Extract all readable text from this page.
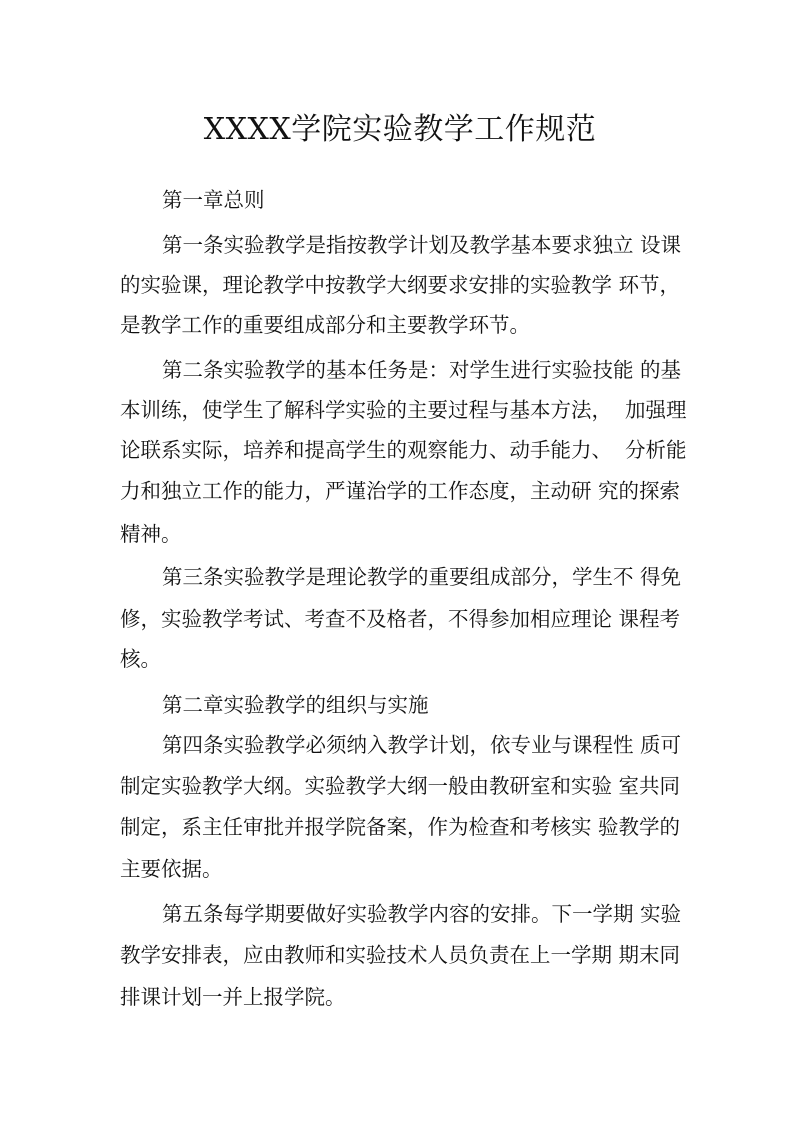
XXXX学院实验教学工作规范
第一章总则
第一条实验教学是指按教学计划及教学基本要求独立 设课
的实验课，理论教学中按教学大纲要求安排的实验教学 环节，
是教学工作的重要组成部分和主要教学环节。
第二条实验教学的基本任务是：对学生进行实验技能 的基
本训练，使学生了解科学实验的主要过程与基本方法，  加强理
论联系实际，培养和提高学生的观察能力、动手能力、  分析能
力和独立工作的能力，严谨治学的工作态度，主动研 究的探索
精神。
第三条实验教学是理论教学的重要组成部分，学生不 得免
修，实验教学考试、考查不及格者，不得参加相应理论 课程考
核。
第二章实验教学的组织与实施
第四条实验教学必须纳入教学计划，依专业与课程性 质可
制定实验教学大纲。实验教学大纲一般由教研室和实验 室共同
制定，系主任审批并报学院备案，作为检查和考核实 验教学的
主要依据。
第五条每学期要做好实验教学内容的安排。下一学期 实验
教学安排表，应由教师和实验技术人员负责在上一学期 期末同
排课计划一并上报学院。
